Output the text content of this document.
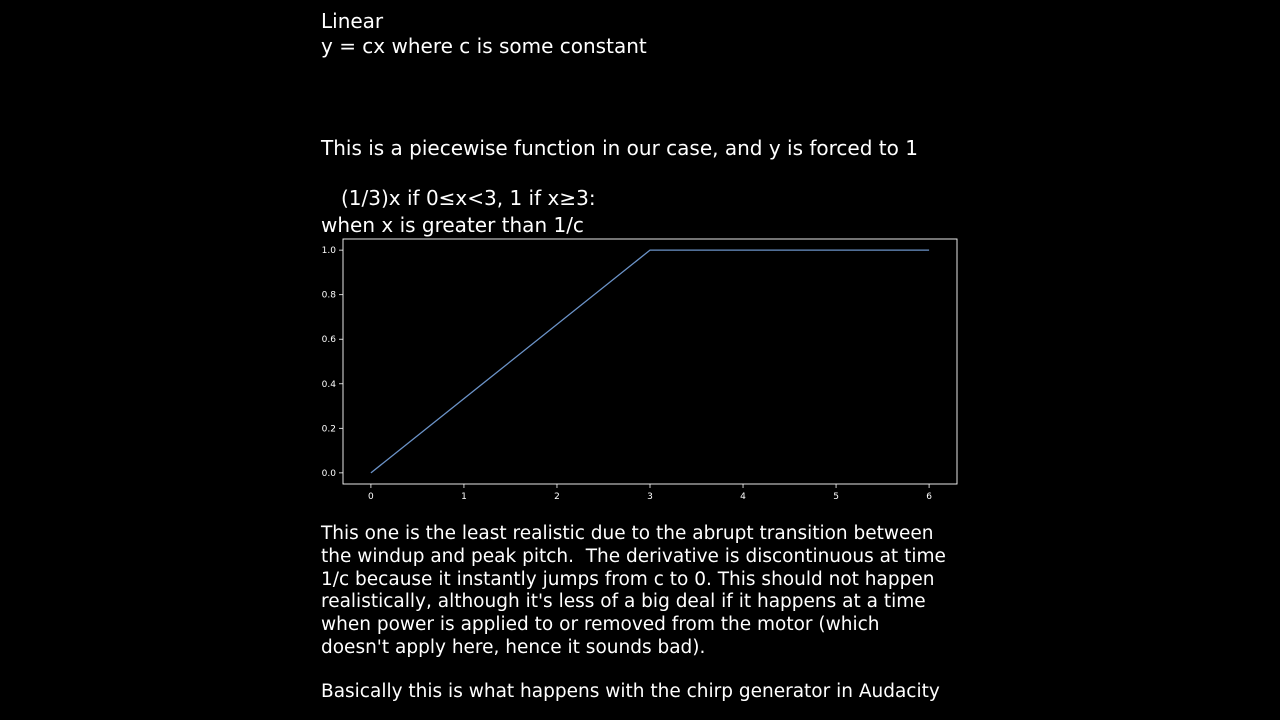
Linear
y = cx where c is some constant

This is a piecewise function in our case, and y is forced to 1

when x is greater than 1/c

(1/3)x if 0≤x<3, 1 if x≥3:
0	1	2	3	4	5	6
0.0
0.2
0.4
0.6
0.8
1.0
This one is the least realistic due to the abrupt transition between
the windup and peak pitch.  The derivative is discontinuous at time
1/c because it instantly jumps from c to 0. This should not happen
realistically, although it's less of a big deal if it happens at a time
when power is applied to or removed from the motor (which
doesn't apply here, hence it sounds bad).
Basically this is what happens with the chirp generator in Audacity
